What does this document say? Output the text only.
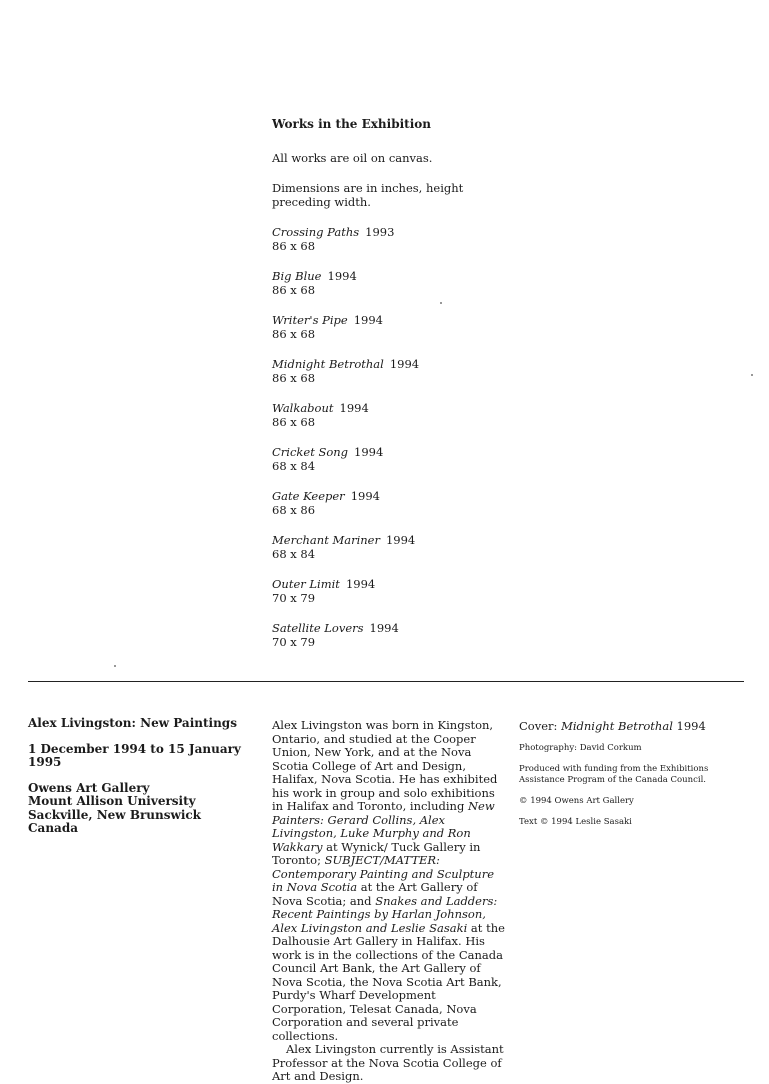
Works in the Exhibition

All works are oil on canvas.

Dimensions are in inches, height preceding width.

Crossing Paths 1993
86 x 68
Big Blue 1994
86 x 68
Writer's Pipe 1994
86 x 68
Midnight Betrothal 1994
86 x 68
Walkabout 1994
86 x 68
Cricket Song 1994
68 x 84
Gate Keeper 1994
68 x 86
Merchant Mariner 1994
68 x 84
Outer Limit 1994
70 x 79
Satellite Lovers 1994
70 x 79
Alex Livingston: New Paintings
1 December 1994 to 15 January 1995
Owens Art Gallery
Mount Allison University
Sackville, New Brunswick
Canada

Alex Livingston was born in Kingston, Ontario, and studied at the Cooper Union, New York, and at the Nova Scotia College of Art and Design, Halifax, Nova Scotia. He has exhibited his work in group and solo exhibitions in Halifax and Toronto, including New Painters: Gerard Collins, Alex Livingston, Luke Murphy and Ron Wakkary at Wynick/ Tuck Gallery in Toronto; SUBJECT/MATTER: Contemporary Painting and Sculpture in Nova Scotia at the Art Gallery of Nova Scotia; and Snakes and Ladders: Recent Paintings by Harlan Johnson, Alex Livingston and Leslie Sasaki at the Dalhousie Art Gallery in Halifax. His work is in the collections of the Canada Council Art Bank, the Art Gallery of Nova Scotia, the Nova Scotia Art Bank, Purdy's Wharf Development Corporation, Telesat Canada, Nova Corporation and several private collections.

Alex Livingston currently is Assistant Professor at the Nova Scotia College of Art and Design.

Cover: Midnight Betrothal 1994

Photography: David Corkum

Produced with funding from the Exhibitions Assistance Program of the Canada Council.

© 1994 Owens Art Gallery

Text © 1994 Leslie Sasaki
